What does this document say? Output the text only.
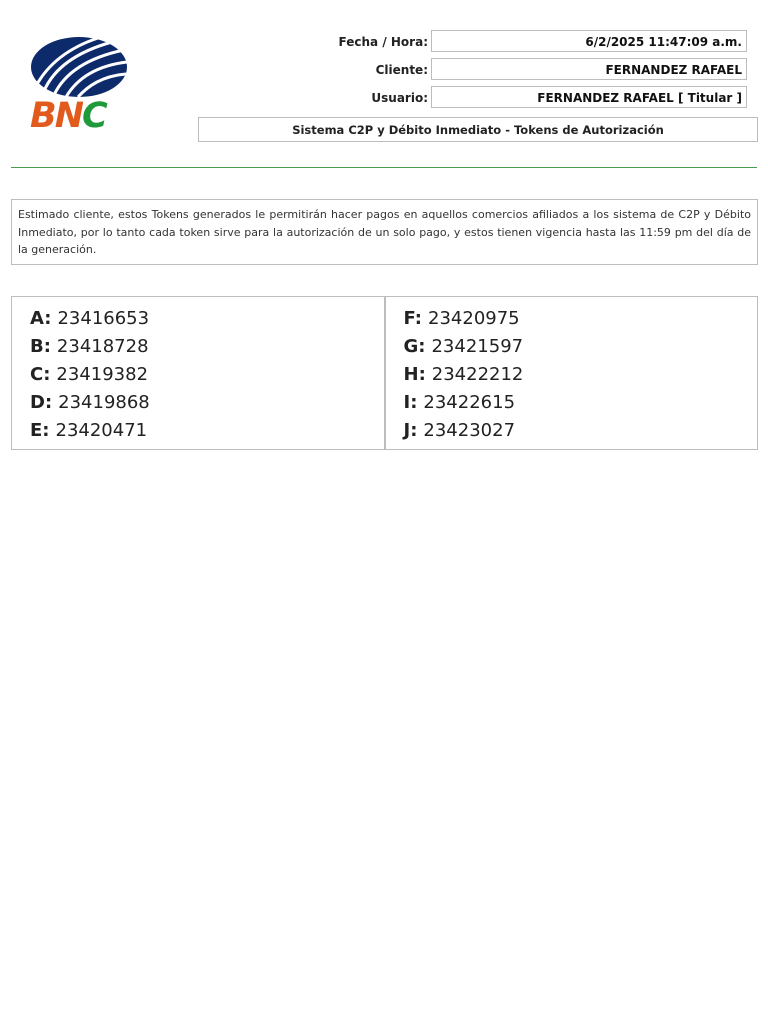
BNC
Fecha / Hora:	6/2/2025 11:47:09 a.m.
Cliente:	FERNANDEZ RAFAEL
Usuario:	FERNANDEZ RAFAEL [ Titular ]
Sistema C2P y Débito Inmediato - Tokens de Autorización
Estimado cliente, estos Tokens generados le permitirán hacer pagos en aquellos comercios afiliados a los sistema de C2P y Débito Inmediato, por lo tanto cada token sirve para la autorización de un solo pago, y estos tienen vigencia hasta las 11:59 pm del día de la generación.
A: 23416653
B: 23418728
C: 23419382
D: 23419868
E: 23420471
F: 23420975
G: 23421597
H: 23422212
I: 23422615
J: 23423027
